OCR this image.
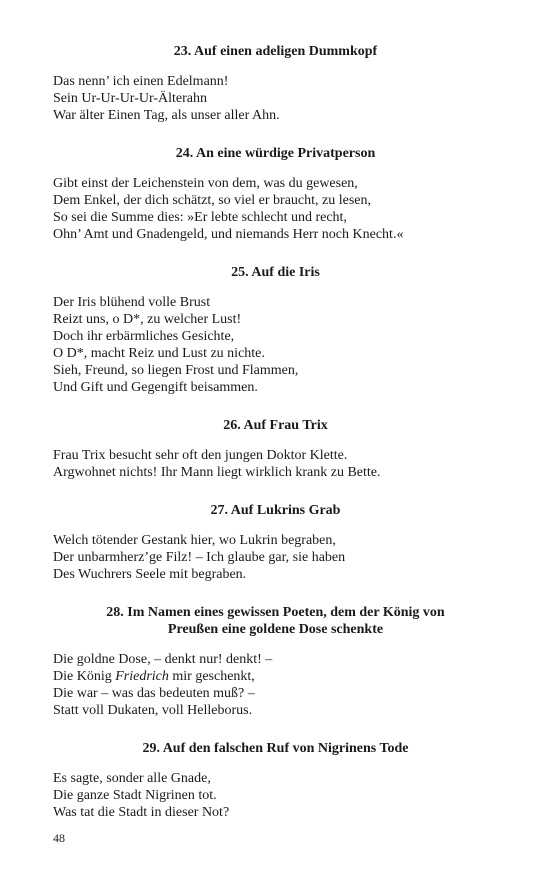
23. Auf einen adeligen Dummkopf
Das nenn’ ich einen Edelmann!
Sein Ur-Ur-Ur-Ur-Älterahn
War älter Einen Tag, als unser aller Ahn.
24. An eine würdige Privatperson
Gibt einst der Leichenstein von dem, was du gewesen,
Dem Enkel, der dich schätzt, so viel er braucht, zu lesen,
So sei die Summe dies: »Er lebte schlecht und recht,
Ohn’ Amt und Gnadengeld, und niemands Herr noch Knecht.«
25. Auf die Iris
Der Iris blühend volle Brust
Reizt uns, o D*, zu welcher Lust!
Doch ihr erbärmliches Gesichte,
O D*, macht Reiz und Lust zu nichte.
Sieh, Freund, so liegen Frost und Flammen,
Und Gift und Gegengift beisammen.
26. Auf Frau Trix
Frau Trix besucht sehr oft den jungen Doktor Klette.
Argwohnet nichts! Ihr Mann liegt wirklich krank zu Bette.
27. Auf Lukrins Grab
Welch tötender Gestank hier, wo Lukrin begraben,
Der unbarmherz’ge Filz! – Ich glaube gar, sie haben
Des Wuchrers Seele mit begraben.
28. Im Namen eines gewissen Poeten, dem der König von
Preußen eine goldene Dose schenkte
Die goldne Dose, – denkt nur! denkt! –
Die König Friedrich mir geschenkt,
Die war – was das bedeuten muß? –
Statt voll Dukaten, voll Helleborus.
29. Auf den falschen Ruf von Nigrinens Tode
Es sagte, sonder alle Gnade,
Die ganze Stadt Nigrinen tot.
Was tat die Stadt in dieser Not?
48
